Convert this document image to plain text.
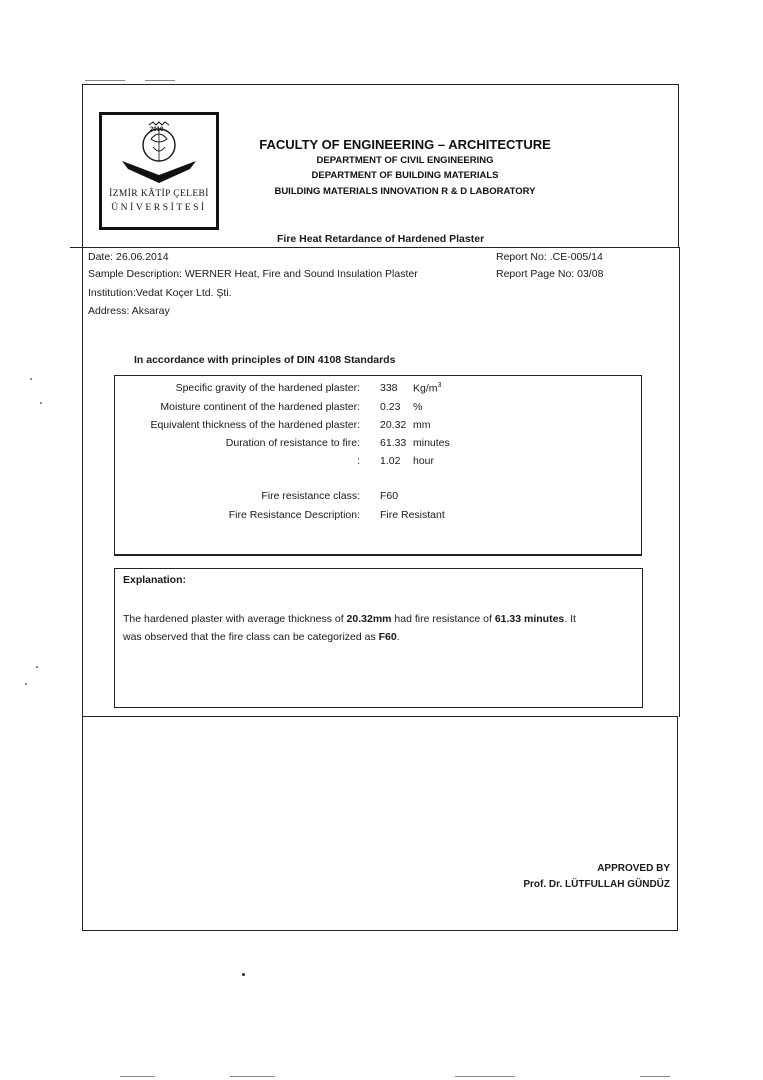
2010
İZMİR KÂTİP ÇELEBİ
ÜNİVERSİTESİ
FACULTY OF ENGINEERING – ARCHITECTURE
DEPARTMENT OF CIVIL ENGINEERING
DEPARTMENT OF BUILDING MATERIALS
BUILDING MATERIALS INNOVATION R & D LABORATORY
Fire Heat Retardance of Hardened Plaster
Date: 26.06.2014
Sample Description: WERNER Heat, Fire and Sound Insulation Plaster
Institution:Vedat Koçer Ltd. Şti.
Address: Aksaray
Report No: .CE-005/14
Report Page No: 03/08
In accordance with principles of DIN 4108 Standards
Specific gravity of the hardened plaster: 338 $Kg/m^3$
Moisture continent of the hardened plaster: 0.23 %
Equivalent thickness of the hardened plaster: 20.32 mm
Duration of resistance to fire: 61.33 minutes
: 1.02 hour
Fire resistance class: F60
Fire Resistance Description: Fire Resistant
Explanation:
The hardened plaster with average thickness of 20.32mm had fire resistance of 61.33 minutes. It
was observed that the fire class can be categorized as F60.
APPROVED BY
Prof. Dr. LÜTFULLAH GÜNDÜZ
